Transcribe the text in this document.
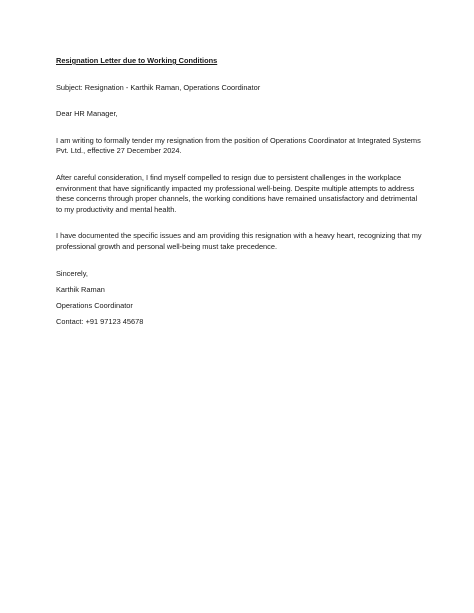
Resignation Letter due to Working Conditions
Subject: Resignation - Karthik Raman, Operations Coordinator
Dear HR Manager,
I am writing to formally tender my resignation from the position of Operations Coordinator at Integrated Systems Pvt. Ltd., effective 27 December 2024.
After careful consideration, I find myself compelled to resign due to persistent challenges in the workplace environment that have significantly impacted my professional well-being. Despite multiple attempts to address these concerns through proper channels, the working conditions have remained unsatisfactory and detrimental to my productivity and mental health.
I have documented the specific issues and am providing this resignation with a heavy heart, recognizing that my professional growth and personal well-being must take precedence.
Sincerely,
Karthik Raman
Operations Coordinator
Contact: +91 97123 45678
